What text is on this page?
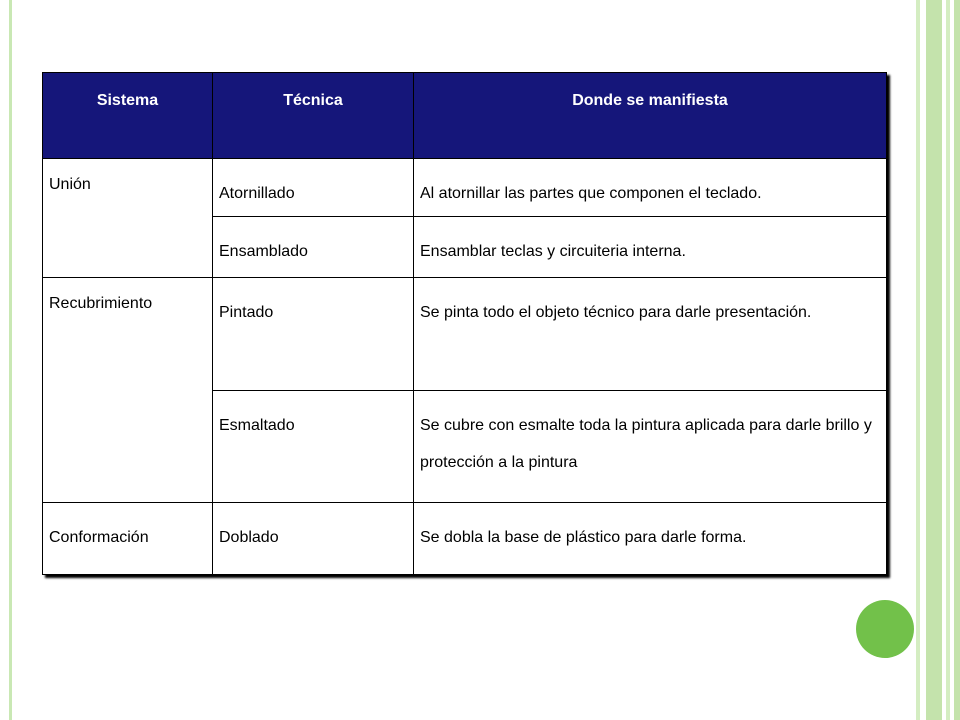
Sistema	Técnica	Donde se manifiesta

Unión	Atornillado	Al atornillar las partes que componen el teclado.
	Ensamblado	Ensamblar teclas y circuiteria interna.

Recubrimiento	Pintado	Se pinta todo el objeto técnico para darle presentación.
	Esmaltado	Se cubre con esmalte toda la pintura aplicada para darle brillo y protección a la pintura
Conformación	Doblado	Se dobla la base de plástico para darle forma.
